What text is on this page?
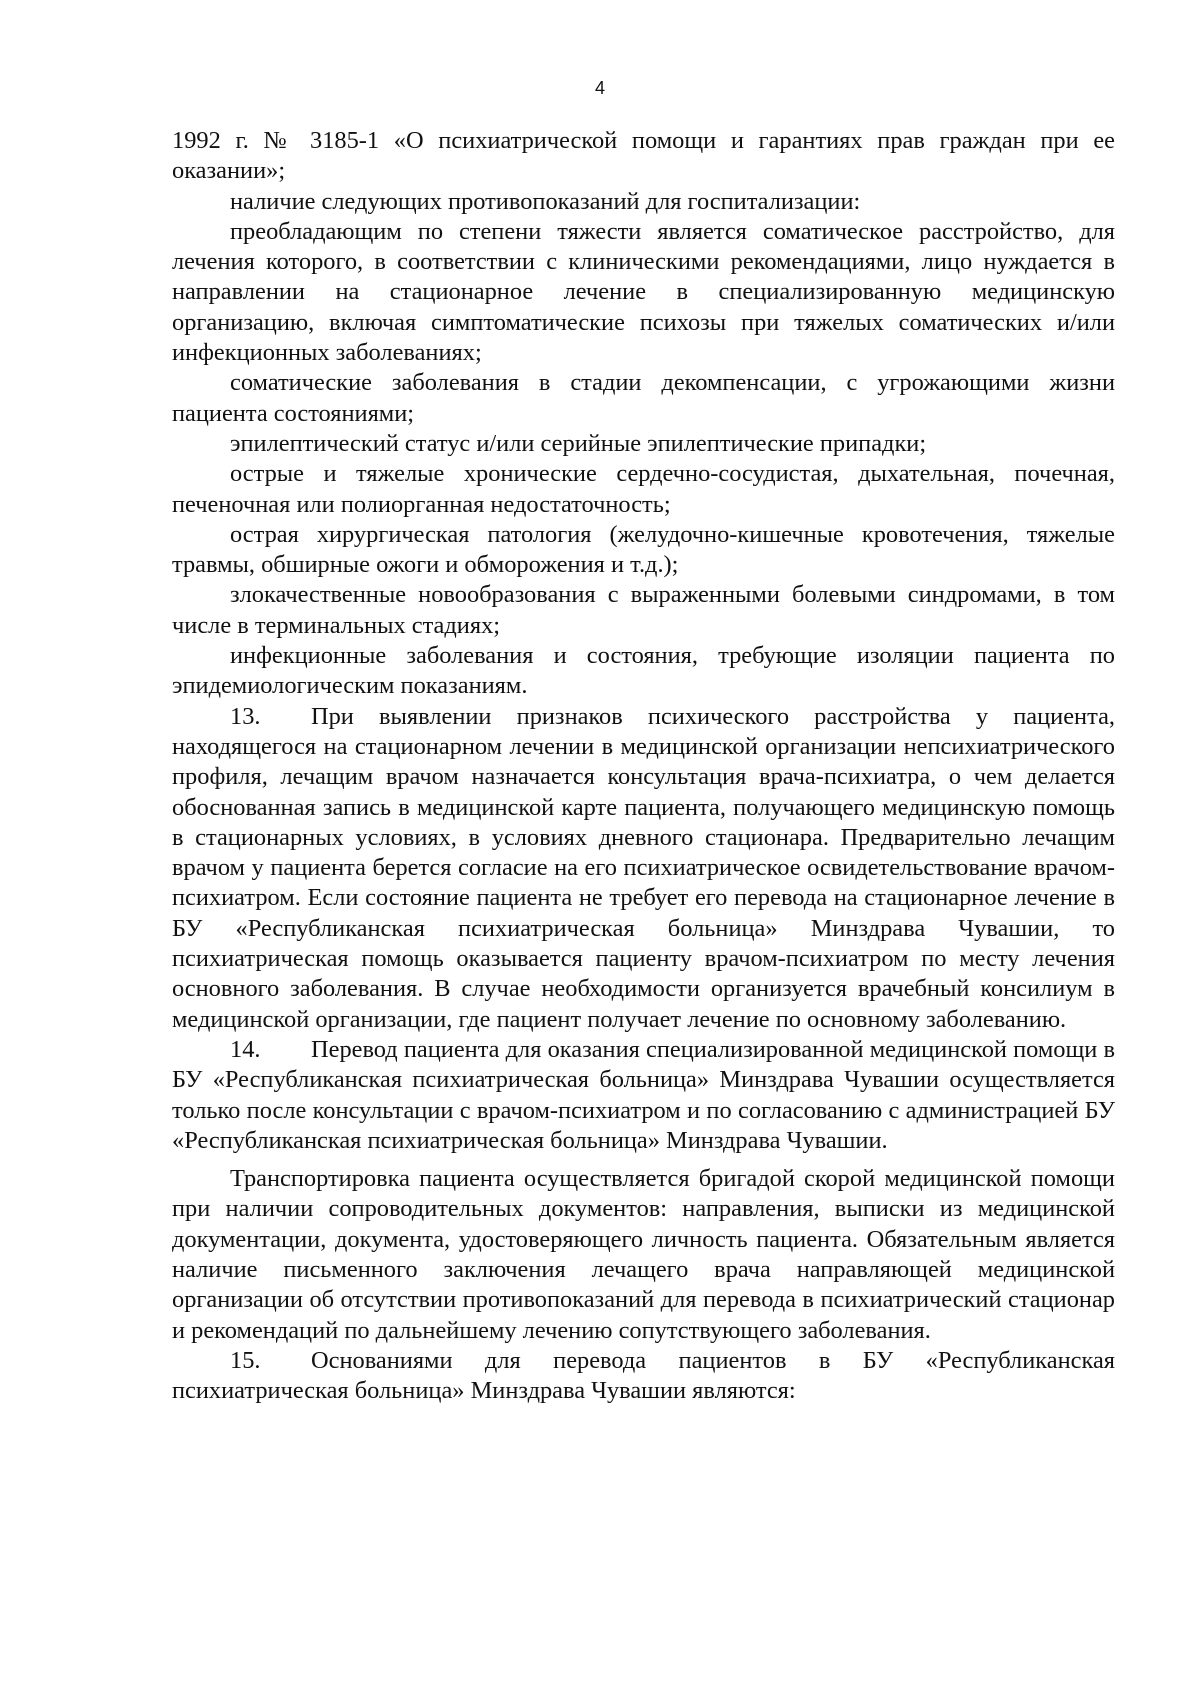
4

1992 г. № 3185-1 «О психиатрической помощи и гарантиях прав граждан при ее оказании»;

наличие следующих противопоказаний для госпитализации:

преобладающим по степени тяжести является соматическое расстройство, для лечения которого, в соответствии с клиническими рекомендациями, лицо нуждается в направлении на стационарное лечение в специализированную медицинскую организацию, включая симптоматические психозы при тяжелых соматических и/или инфекционных заболеваниях;

соматические заболевания в стадии декомпенсации, с угрожающими жизни пациента состояниями;

эпилептический статус и/или серийные эпилептические припадки;

острые и тяжелые хронические сердечно-сосудистая, дыхательная, почечная, печеночная или полиорганная недостаточность;

острая хирургическая патология (желудочно-кишечные кровотечения, тяжелые травмы, обширные ожоги и обморожения и т.д.);

злокачественные новообразования с выраженными болевыми синдромами, в том числе в терминальных стадиях;

инфекционные заболевания и состояния, требующие изоляции пациента по эпидемиологическим показаниям.

13. При выявлении признаков психического расстройства у пациента, находящегося на стационарном лечении в медицинской организации непсихиатрического профиля, лечащим врачом назначается консультация врача-психиатра, о чем делается обоснованная запись в медицинской карте пациента, получающего медицинскую помощь в стационарных условиях, в условиях дневного стационара. Предварительно лечащим врачом у пациента берется согласие на его психиатрическое освидетельствование врачом-психиатром. Если состояние пациента не требует его перевода на стационарное лечение в БУ «Республиканская психиатрическая больница» Минздрава Чувашии, то психиатрическая помощь оказывается пациенту врачом-психиатром по месту лечения основного заболевания. В случае необходимости организуется врачебный консилиум в медицинской организации, где пациент получает лечение по основному заболеванию.

14. Перевод пациента для оказания специализированной медицинской помощи в БУ «Республиканская психиатрическая больница» Минздрава Чувашии осуществляется только после консультации с врачом-психиатром и по согласованию с администрацией БУ «Республиканская психиатрическая больница» Минздрава Чувашии.

Транспортировка пациента осуществляется бригадой скорой медицинской помощи при наличии сопроводительных документов: направления, выписки из медицинской документации, документа, удостоверяющего личность пациента. Обязательным является наличие письменного заключения лечащего врача направляющей медицинской организации об отсутствии противопоказаний для перевода в психиатрический стационар и рекомендаций по дальнейшему лечению сопутствующего заболевания.

15. Основаниями для перевода пациентов в БУ «Республиканская психиатрическая больница» Минздрава Чувашии являются:
